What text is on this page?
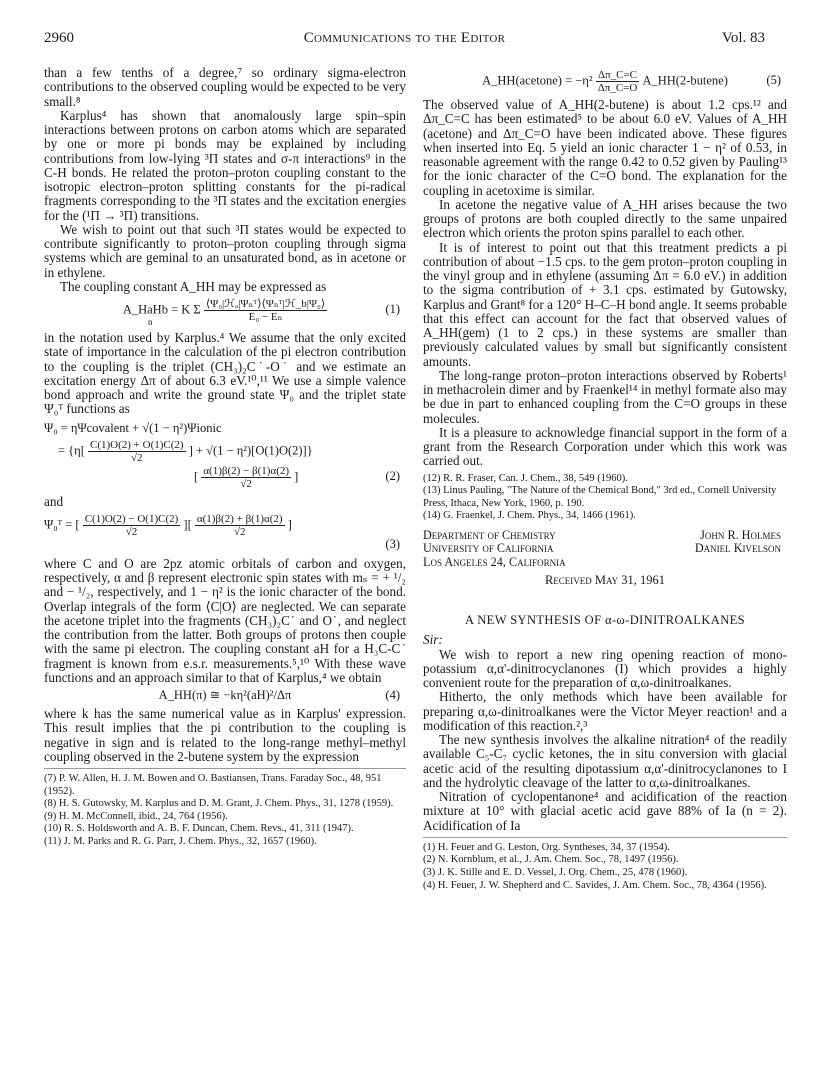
2960	Communications to the Editor	Vol. 83

than a few tenths of a degree,⁷ so ordinary sigma-electron contributions to the observed coupling would be expected to be very small.⁸

Karplus⁴ has shown that anomalously large spin–spin interactions between protons on carbon atoms which are separated by one or more pi bonds may be explained by including contributions from low-lying ³Π states and σ-π interactions⁹ in the C-H bonds. He related the proton–proton coupling constant to the isotropic electron–proton splitting constants for the pi-radical fragments corresponding to the ³Π states and the excitation energies for the (¹Π → ³Π) transitions.

We wish to point out that such ³Π states would be expected to contribute significantly to proton–proton coupling through sigma systems which are geminal to an unsaturated bond, as in acetone or in ethylene.

The coupling constant A_HH may be expressed as

A_HaHb = K Σ $\frac{\text{⟨Ψ₀|ℋₐ|Ψₙᵀ⟩⟨Ψₙᵀ|ℋ\_b|Ψ₀⟩}}{\text{E₀ − Eₙ}}$
n
(1)

in the notation used by Karplus.⁴ We assume that the only excited state of importance in the calculation of the pi electron contribution to the coupling is the triplet (CH₃)₂C˙-O˙ and we estimate an excitation energy Δπ of about 6.3 eV.¹⁰,¹¹ We use a simple valence bond approach and write the ground state Ψ₀ and the triplet state Ψ₀ᵀ functions as

Ψ₀ = ηΨcovalent + √(1 − η²)Ψionic
= {$\eta[ \frac{C(1)O(2) + O(1)C(2)}{√2}$ ] + √(1 − η²)[O(1)O(2)]}
[ $\frac{\alpha(1)\beta(2) - \beta(1)\alpha(2)}{√2}$ ]	(2)

and

Ψ₀ᵀ = [ $\frac{C(1)O(2) - O(1)C(2)}{√2}$ ][ $\frac{\alpha(1)\beta(2) + \beta(1)\alpha(2)}{√2}$ ]
(3)

where C and O are 2pz atomic orbitals of carbon and oxygen, respectively, α and β represent electronic spin states with mₛ = + ¹/₂ and − ¹/₂, respectively, and 1 − η² is the ionic character of the bond. Overlap integrals of the form ⟨C|O⟩ are neglected. We can separate the acetone triplet into the fragments (CH₃)₂C˙ and O˙, and neglect the contribution from the latter. Both groups of protons then couple with the same pi electron. The coupling constant aH for a H₃C-C˙ fragment is known from e.s.r. measurements.⁵,¹⁰ With these wave functions and an approach similar to that of Karplus,⁴ we obtain

A_HH(π) ≅ −kη²(aH)²/Δπ	(4)

where k has the same numerical value as in Karplus' expression. This result implies that the pi contribution to the coupling is negative in sign and is related to the long-range methyl–methyl coupling observed in the 2-butene system by the expression

(7) P. W. Allen, H. J. M. Bowen and O. Bastiansen, Trans. Faraday Soc., 48, 951 (1952).

(8) H. S. Gutowsky, M. Karplus and D. M. Grant, J. Chem. Phys., 31, 1278 (1959).

(9) H. M. McConnell, ibid., 24, 764 (1956).

(10) R. S. Holdsworth and A. B. F. Duncan, Chem. Revs., 41, 311 (1947).

(11) J. M. Parks and R. G. Parr, J. Chem. Phys., 32, 1657 (1960).

A_HH(acetone) = $-\eta^2 \frac{\Delta\pi\_C=C}{\Delta\pi\_C=O}$ A_HH(2-butene)	(5)

The observed value of A_HH(2-butene) is about 1.2 cps.¹² and Δπ_C=C has been estimated⁵ to be about 6.0 eV. Values of A_HH (acetone) and Δπ_C=O have been indicated above. These figures when inserted into Eq. 5 yield an ionic character 1 − η² of 0.53, in reasonable agreement with the range 0.42 to 0.52 given by Pauling¹³ for the ionic character of the C=O bond. The explanation for the coupling in acetoxime is similar.

In acetone the negative value of A_HH arises because the two groups of protons are both coupled directly to the same unpaired electron which orients the proton spins parallel to each other.

It is of interest to point out that this treatment predicts a pi contribution of about −1.5 cps. to the gem proton–proton coupling in the vinyl group and in ethylene (assuming Δπ = 6.0 eV.) in addition to the sigma contribution of + 3.1 cps. estimated by Gutowsky, Karplus and Grant⁸ for a 120° H–C–H bond angle. It seems probable that this effect can account for the fact that observed values of A_HH(gem) (1 to 2 cps.) in these systems are smaller than previously calculated values by small but significantly consistent amounts.

The long-range proton–proton interactions observed by Roberts¹ in methacrolein dimer and by Fraenkel¹⁴ in methyl formate also may be due in part to enhanced coupling from the C=O groups in these molecules.

It is a pleasure to acknowledge financial support in the form of a grant from the Research Corporation under which this work was carried out.

(12) R. R. Fraser, Can. J. Chem., 38, 549 (1960).

(13) Linus Pauling, "The Nature of the Chemical Bond," 3rd ed., Cornell University Press, Ithaca, New York, 1960, p. 190.

(14) G. Fraenkel, J. Chem. Phys., 34, 1466 (1961).

Department of Chemistry
University of California
Los Angeles 24, California
John R. Holmes
Daniel Kivelson
Received May 31, 1961
A NEW SYNTHESIS OF α-ω-DINITROALKANES

Sir:

We wish to report a new ring opening reaction of mono-potassium α,α'-dinitrocyclanones (I) which provides a highly convenient route for the preparation of α,ω-dinitroalkanes.

Hitherto, the only methods which have been available for preparing α,ω-dinitroalkanes were the Victor Meyer reaction¹ and a modification of this reaction.²,³

The new synthesis involves the alkaline nitration⁴ of the readily available C₅-C₇ cyclic ketones, the in situ conversion with glacial acetic acid of the resulting dipotassium α,α'-dinitrocyclanones to I and the hydrolytic cleavage of the latter to α,ω-dinitroalkanes.

Nitration of cyclopentanone⁴ and acidification of the reaction mixture at 10° with glacial acetic acid gave 88% of Ia (n = 2). Acidification of Ia

(1) H. Feuer and G. Leston, Org. Syntheses, 34, 37 (1954).

(2) N. Kornblum, et al., J. Am. Chem. Soc., 78, 1497 (1956).

(3) J. K. Stille and E. D. Vessel, J. Org. Chem., 25, 478 (1960).

(4) H. Feuer, J. W. Shepherd and C. Savides, J. Am. Chem. Soc., 78, 4364 (1956).
